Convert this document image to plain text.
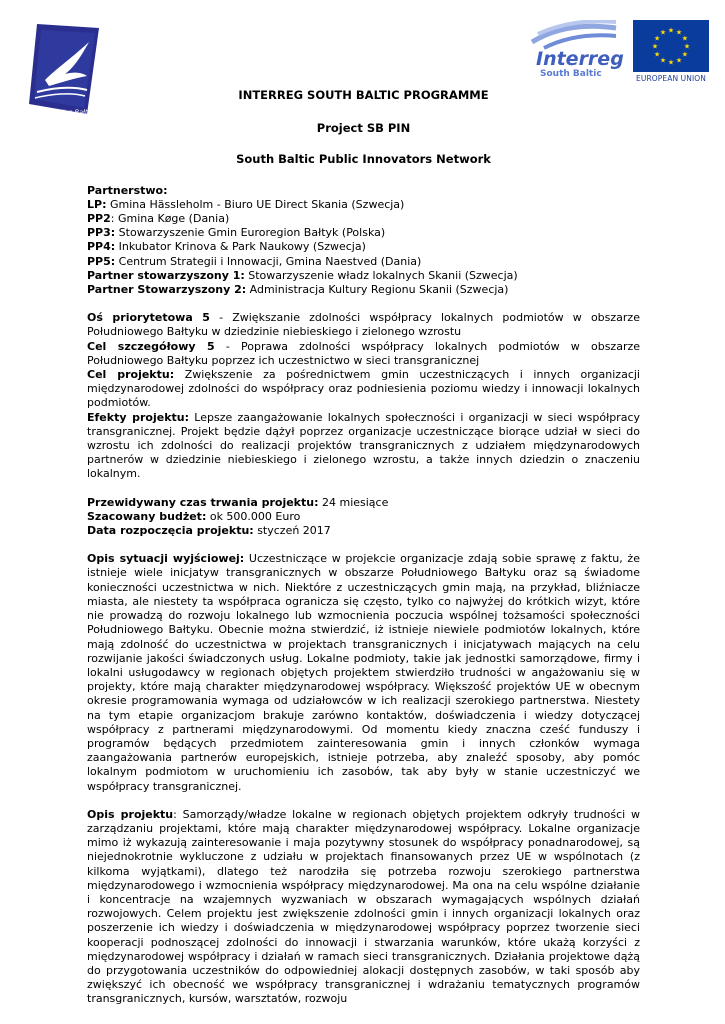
Euroregion Bałtyk
Interreg
South Baltic
★
★
★
★
★
★
★
★
★ ★ ★
★
EUROPEAN UNION

INTERREG SOUTH BALTIC PROGRAMME

Project SB PIN

South Baltic Public Innovators Network

Partnerstwo:

LP: Gmina Hässleholm - Biuro UE Direct Skania (Szwecja)

PP2: Gmina Køge (Dania)

PP3: Stowarzyszenie Gmin Euroregion Bałtyk (Polska)

PP4: Inkubator Krinova & Park Naukowy (Szwecja)

PP5: Centrum Strategii i Innowacji, Gmina Naestved (Dania)

Partner stowarzyszony 1: Stowarzyszenie władz lokalnych Skanii (Szwecja)

Partner Stowarzyszony 2: Administracja Kultury Regionu Skanii (Szwecja)

Oś priorytetowa 5 - Zwiększanie zdolności współpracy lokalnych podmiotów w obszarze Południowego Bałtyku w dziedzinie niebieskiego i zielonego wzrostu

Cel szczegółowy 5 - Poprawa zdolności współpracy lokalnych podmiotów w obszarze Południowego Bałtyku poprzez ich uczestnictwo w sieci transgranicznej

Cel projektu: Zwiększenie za pośrednictwem gmin uczestniczących i innych organizacji międzynarodowej zdolności do współpracy oraz podniesienia poziomu wiedzy i innowacji lokalnych podmiotów.

Efekty projektu: Lepsze zaangażowanie lokalnych społeczności i organizacji w sieci współpracy transgranicznej. Projekt będzie dążył poprzez organizacje uczestniczące biorące udział w sieci do wzrostu ich zdolności do realizacji projektów transgranicznych z udziałem międzynarodowych partnerów w dziedzinie niebieskiego i zielonego wzrostu, a także innych dziedzin o znaczeniu lokalnym.

Przewidywany czas trwania projektu: 24 miesiące

Szacowany budżet: ok 500.000 Euro

Data rozpoczęcia projektu: styczeń 2017

Opis sytuacji wyjściowej: Uczestniczące w projekcie organizacje zdają sobie sprawę z faktu, że istnieje wiele inicjatyw transgranicznych w obszarze Południowego Bałtyku oraz są świadome konieczności uczestnictwa w nich. Niektóre z uczestniczących gmin mają, na przykład, bliźniacze miasta, ale niestety ta współpraca ogranicza się często, tylko co najwyżej do krótkich wizyt, które nie prowadzą do rozwoju lokalnego lub wzmocnienia poczucia wspólnej tożsamości społeczności Południowego Bałtyku. Obecnie można stwierdzić, iż istnieje niewiele podmiotów lokalnych, które mają zdolność do uczestnictwa w projektach transgranicznych i inicjatywach mających na celu rozwijanie jakości świadczonych usług. Lokalne podmioty, takie jak jednostki samorządowe, firmy i lokalni usługodawcy w regionach objętych projektem stwierdziło trudności w angażowaniu się w projekty, które mają charakter międzynarodowej współpracy. Większość projektów UE w obecnym okresie programowania wymaga od udziałowców w ich realizacji szerokiego partnerstwa. Niestety na tym etapie organizacjom brakuje zarówno kontaktów, doświadczenia i wiedzy dotyczącej współpracy z partnerami międzynarodowymi. Od momentu kiedy znaczna cześć funduszy i programów będących przedmiotem zainteresowania gmin i innych członków wymaga zaangażowania partnerów europejskich, istnieje potrzeba, aby znaleźć sposoby, aby pomóc lokalnym podmiotom w uruchomieniu ich zasobów, tak aby były w stanie uczestniczyć we współpracy transgranicznej.

Opis projektu: Samorządy/władze lokalne w regionach objętych projektem odkryły trudności w zarządzaniu projektami, które mają charakter międzynarodowej współpracy. Lokalne organizacje mimo iż wykazują zainteresowanie i maja pozytywny stosunek do współpracy ponadnarodowej, są niejednokrotnie wykluczone z udziału w projektach finansowanych przez UE w wspólnotach (z kilkoma wyjątkami), dlatego też narodziła się potrzeba rozwoju szerokiego partnerstwa międzynarodowego i wzmocnienia współpracy międzynarodowej. Ma ona na celu wspólne działanie i koncentracje na wzajemnych wyzwaniach w obszarach wymagających wspólnych działań rozwojowych. Celem projektu jest zwiększenie zdolności gmin i innych organizacji lokalnych oraz poszerzenie ich wiedzy i doświadczenia w międzynarodowej współpracy poprzez tworzenie sieci kooperacji podnoszącej zdolności do innowacji i stwarzania warunków, które ukażą korzyści z międzynarodowej współpracy i działań w ramach sieci transgranicznych. Działania projektowe dążą do przygotowania uczestników do odpowiedniej alokacji dostępnych zasobów, w taki sposób aby zwiększyć ich obecność we współpracy transgranicznej i wdrażaniu tematycznych programów transgranicznych, kursów, warsztatów, rozwoju
